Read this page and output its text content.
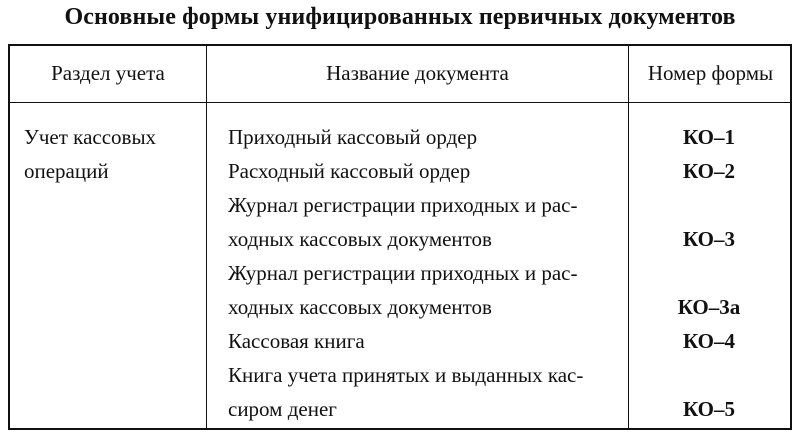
Основные формы унифицированных первичных документов
Раздел учета	Название документа	Номер формы
Учет кассовых
операций
Приходный кассовый ордер	КО–1
Расходный кассовый ордер	КО–2
Журнал регистрации приходных и рас-
ходных кассовых документов	КО–3
Журнал регистрации приходных и рас-
ходных кассовых документов	КО–3а
Кассовая книга	КО–4
Книга учета принятых и выданных кас-
сиром денег	КО–5
